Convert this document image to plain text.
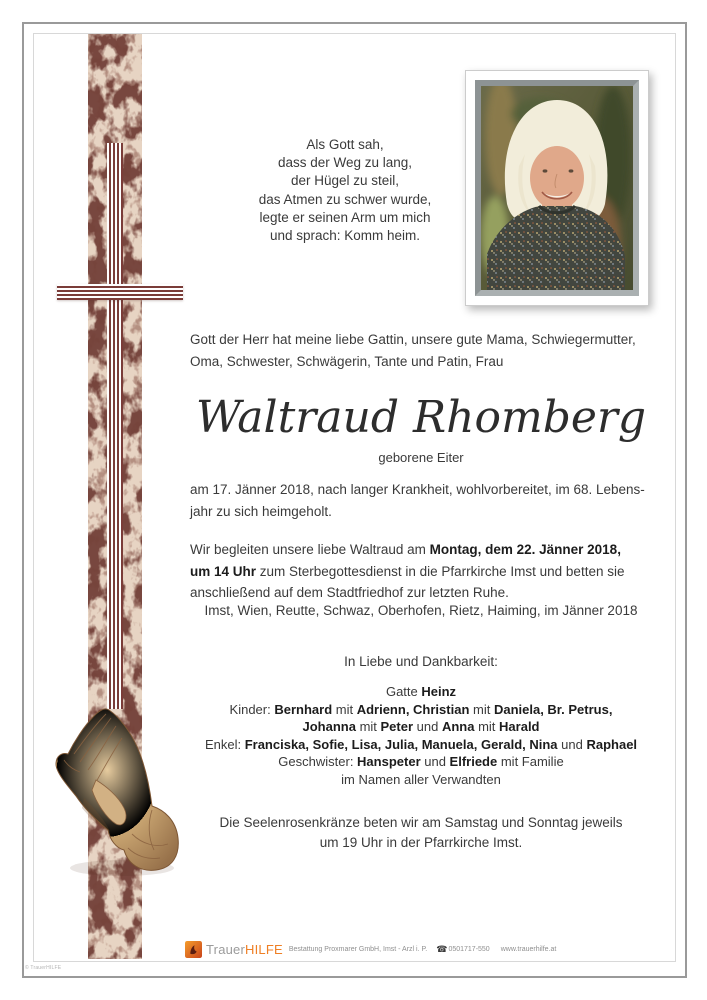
Als Gott sah,
dass der Weg zu lang,
der Hügel zu steil,
das Atmen zu schwer wurde,
legte er seinen Arm um mich
und sprach: Komm heim.
Gott der Herr hat meine liebe Gattin, unsere gute Mama, Schwiegermutter,
Oma, Schwester, Schwägerin, Tante und Patin, Frau
Waltraud Rhomberg
geborene Eiter
am 17. Jänner 2018, nach langer Krankheit, wohlvorbereitet, im 68. Lebens-
jahr zu sich heimgeholt.
Wir begleiten unsere liebe Waltraud am Montag, dem 22. Jänner 2018,
um 14 Uhr zum Sterbegottesdienst in die Pfarrkirche Imst und betten sie
anschließend auf dem Stadtfriedhof zur letzten Ruhe.
Imst, Wien, Reutte, Schwaz, Oberhofen, Rietz, Haiming, im Jänner 2018
In Liebe und Dankbarkeit:
Gatte Heinz
Kinder: Bernhard mit Adrienn, Christian mit Daniela, Br. Petrus,
Johanna mit Peter und Anna mit Harald
Enkel: Franciska, Sofie, Lisa, Julia, Manuela, Gerald, Nina und Raphael
Geschwister: Hanspeter und Elfriede mit Familie
im Namen aller Verwandten
Die Seelenrosenkränze beten wir am Samstag und Sonntag jeweils
um 19 Uhr in der Pfarrkirche Imst.
TrauerHILFE Bestattung Proxmarer GmbH, Imst - Arzl i. P. ☎ 0501717-550 www.trauerhilfe.at
© TrauerHILFE
